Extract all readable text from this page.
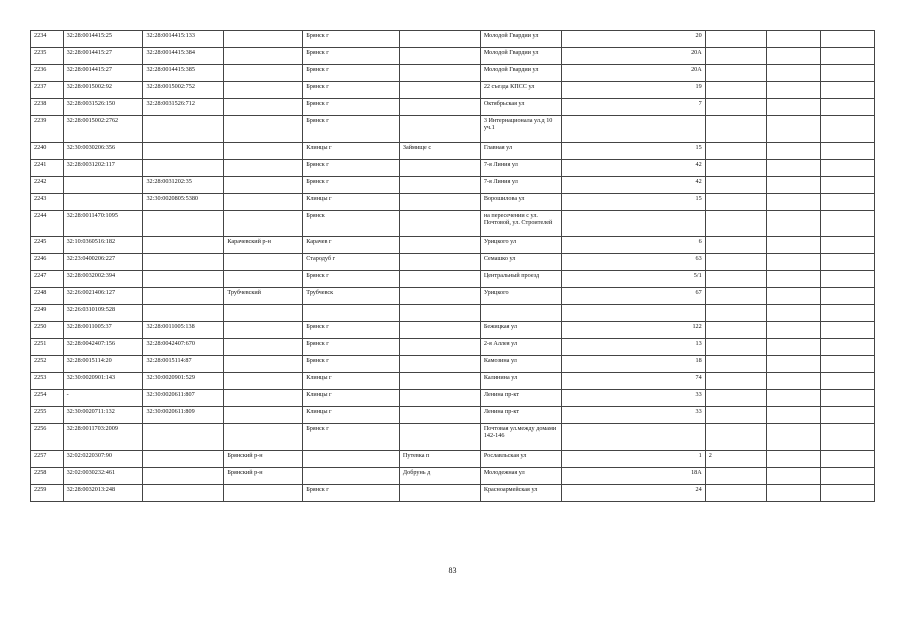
2234	32:28:0014415:25	32:28:0014415:133		Брянск г		Молодой Гвардии ул	20			
2235	32:28:0014415:27	32:28:0014415:384		Брянск г		Молодой Гвардии ул	20А			
2236	32:28:0014415:27	32:28:0014415:385		Брянск г		Молодой Гвардии ул	20А			
2237	32:28:0015002:92	32:28:0015002:752		Брянск г		22 съезда КПСС ул	19			
2238	32:28:0031526:150	32:28:0031526:712		Брянск г		Октябрьская ул	7			
2239	32:28:0015002:2762			Брянск г		3 Интернационала ул.д 10 уч.1				
2240	32:30:0030206:356			Клинцы г	Займище с	Главная ул	15			
2241	32:28:0031202:117			Брянск г		7-я Линия ул	42			
2242		32:28:0031202:35		Брянск г		7-я Линия ул	42			
2243		32:30:0020805:5380		Клинцы г		Ворошилова ул	15			
2244	32:28:0011470:1095			Брянск		на пересечении с ул. Почтовой, ул. Строителей				
2245	32:10:0360516:182		Карачевский р-н	Карачев г		Урицкого ул	6			
2246	32:23:0400206:227			Стародуб г		Семашко ул	63			
2247	32:28:0032002:394			Брянск г		Центральный проезд	5/1			
2248	32:26:0021406:127		Трубчевский	Трубчевск		Урицкого	67			
2249	32:26:0310109:528									
2250	32:28:0011005:37	32:28:0011005:138		Брянск г		Бежицкая ул	122			
2251	32:28:0042407:156	32:28:0042407:670		Брянск г		2-я Аллея ул	13			
2252	32:28:0015114:20	32:28:0015114:87		Брянск г		Камозина ул	18			
2253	32:30:0020901:143	32:30:0020901:529		Клинцы г		Калинина ул	74			
2254	-	32:30:0020611:807		Клинцы г		Ленина пр-кт	33			
2255	32:30:0020711:132	32:30:0020611:809		Клинцы г		Ленина пр-кт	33			
2256	32:28:0011703:2009			Брянск г		Почтовая ул.между домами 142-146				
2257	32:02:0220307:90		Брянский р-н		Путевка п	Рославльская ул	1	2		
2258	32:02:0030232:461		Брянский р-н		Добрунь д	Молодежная ул	18А			
2259	32:28:0032013:248			Брянск г		Красноармейская ул	24			
83
